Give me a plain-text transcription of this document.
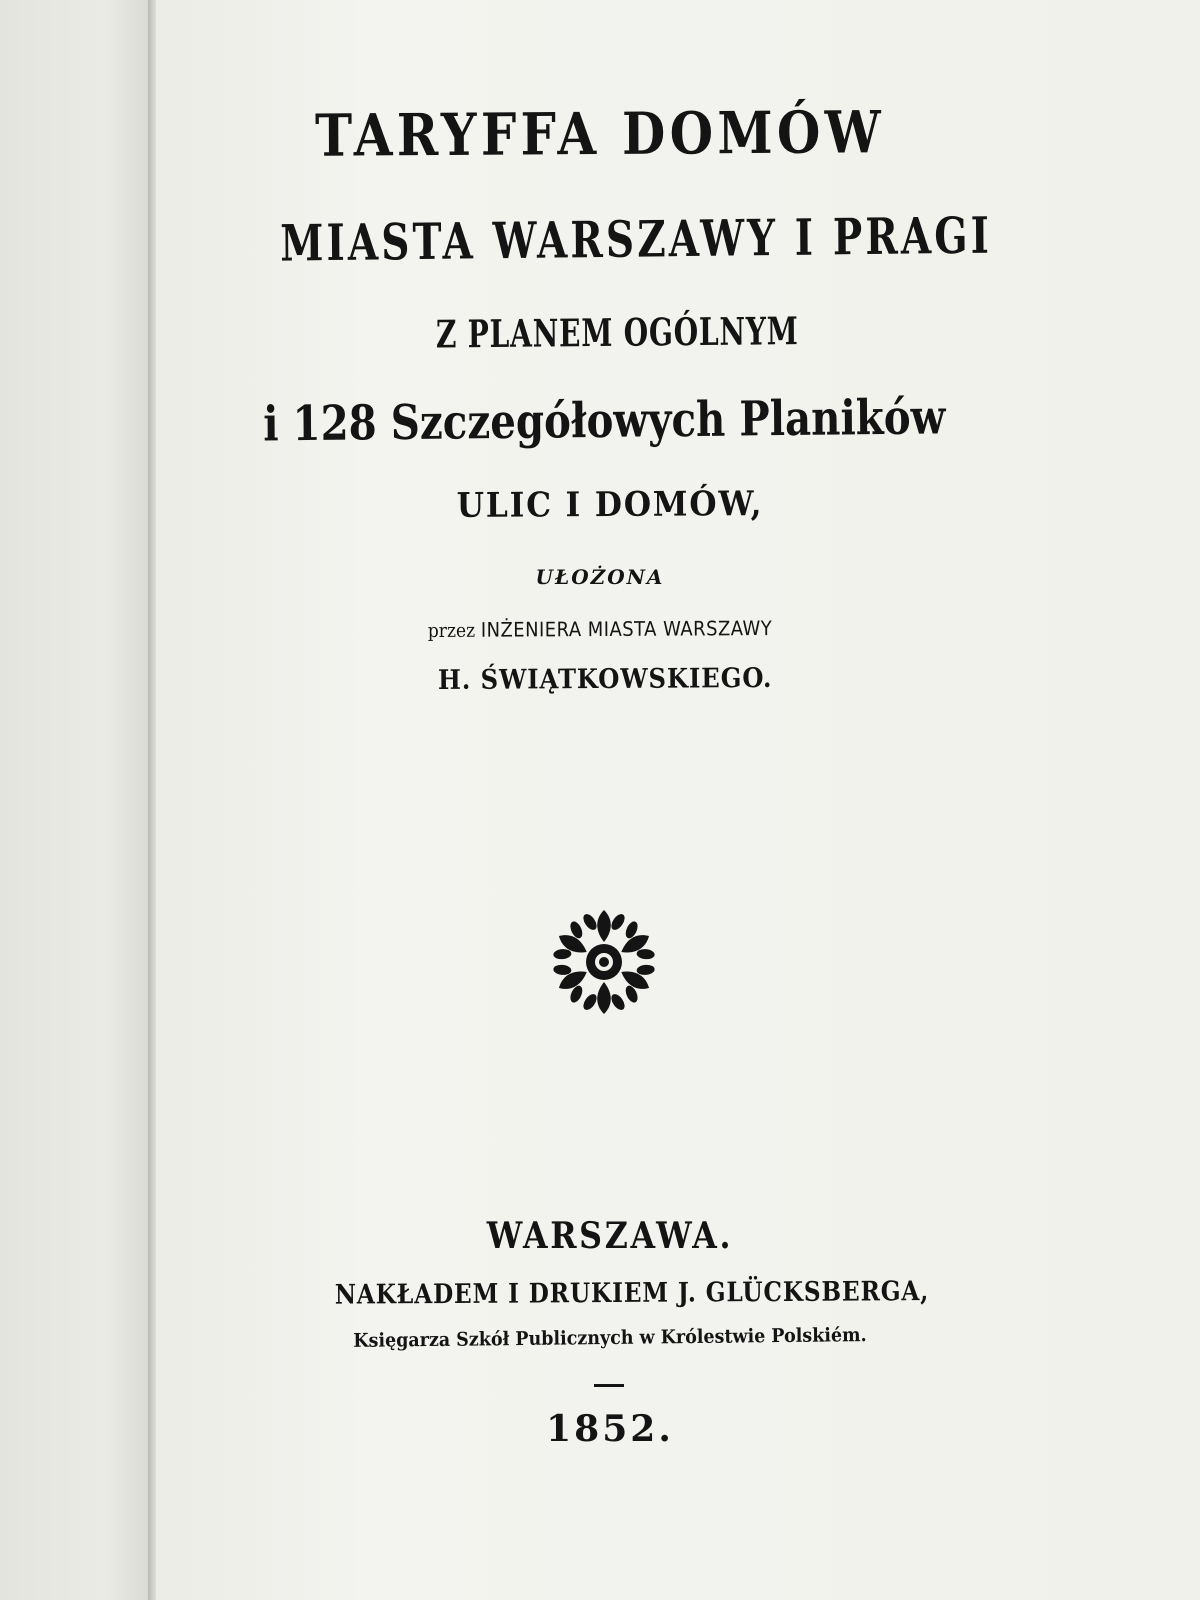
TARYFFA DOMÓW
MIASTA WARSZAWY I PRAGI
Z PLANEM OGÓLNYM
i 128 Szczegółowych Planików
ULIC I DOMÓW,
UŁOŻONA
przez INŻENIERA MIASTA WARSZAWY
H. ŚWIĄTKOWSKIEGO.
WARSZAWA.
NAKŁADEM I DRUKIEM J. GLÜCKSBERGA,
Księgarza Szkół Publicznych w Królestwie Polskiém.
1852.
